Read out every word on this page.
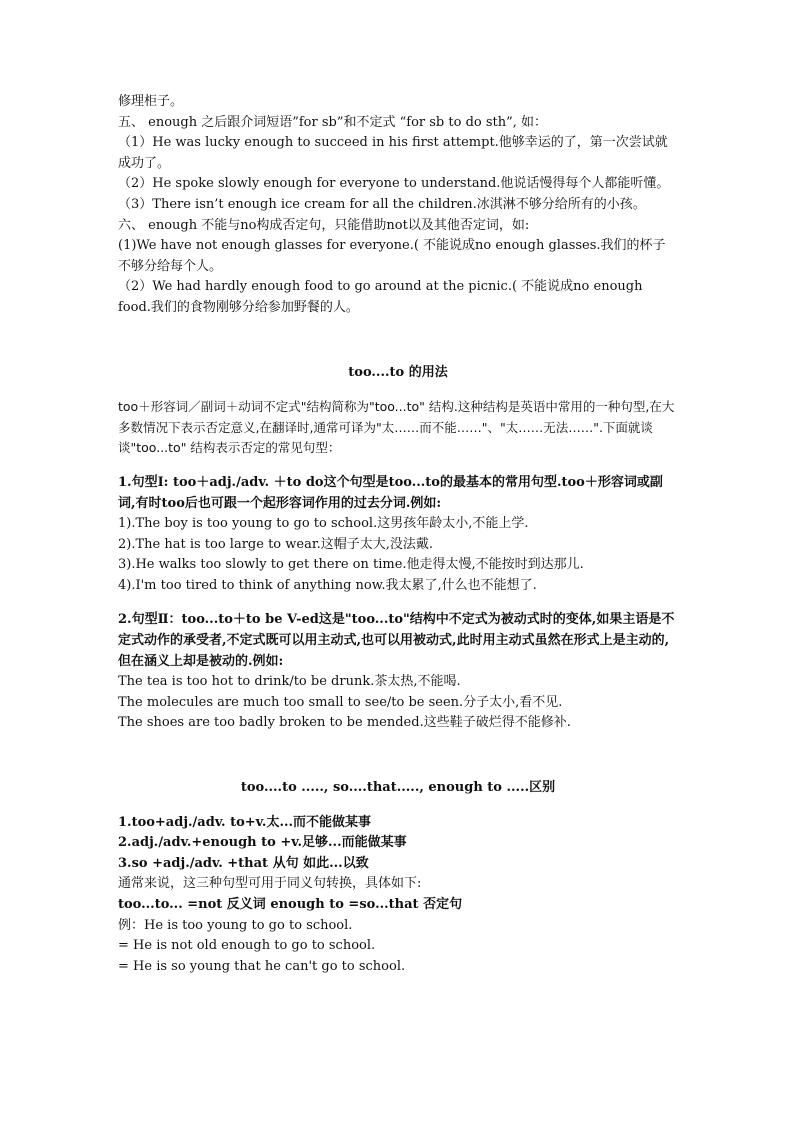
修理柜子。

五、 enough 之后跟介词短语”for sb”和不定式 “for sb to do sth”, 如：

（1）He was lucky enough to succeed in his first attempt.他够幸运的了，第一次尝试就成功了。

（2）He spoke slowly enough for everyone to understand.他说话慢得每个人都能听懂。

（3）There isn’t enough ice cream for all the children.冰淇淋不够分给所有的小孩。

六、 enough 不能与no构成否定句，只能借助not以及其他否定词，如:

(1)We have not enough glasses for everyone.( 不能说成no enough glasses.我们的杯子不够分给每个人。

（2）We had hardly enough food to go around at the picnic.( 不能说成no enough food.我们的食物刚够分给参加野餐的人。

too....to 的用法

too＋形容词／副词＋动词不定式"结构简称为"too...to" 结构.这种结构是英语中常用的一种句型,在大多数情况下表示否定意义,在翻译时,通常可译为"太……而不能……"、"太……无法……".下面就谈谈"too...to" 结构表示否定的常见句型：

1.句型Ⅰ: too＋adj./adv. ＋to do这个句型是too...to的最基本的常用句型.too＋形容词或副词,有时too后也可跟一个起形容词作用的过去分词.例如:

1).The boy is too young to go to school.这男孩年龄太小,不能上学.

2).The hat is too large to wear.这帽子太大,没法戴.

3).He walks too slowly to get there on time.他走得太慢,不能按时到达那儿.

4).I'm too tired to think of anything now.我太累了,什么也不能想了.

2.句型Ⅱ：too...to＋to be V-ed这是"too...to"结构中不定式为被动式时的变体,如果主语是不定式动作的承受者,不定式既可以用主动式,也可以用被动式,此时用主动式虽然在形式上是主动的,但在涵义上却是被动的.例如:

The tea is too hot to drink/to be drunk.茶太热,不能喝.

The molecules are much too small to see/to be seen.分子太小,看不见.

The shoes are too badly broken to be mended.这些鞋子破烂得不能修补.

too....to ....., so....that....., enough to .....区别

1.too+adj./adv. to+v.太...而不能做某事

2.adj./adv.+enough to +v.足够...而能做某事

3.so +adj./adv. +that 从句 如此...以致

通常来说，这三种句型可用于同义句转换，具体如下:

too...to... =not 反义词 enough to =so...that 否定句

例：He is too young to go to school.

= He is not old enough to go to school.

= He is so young that he can't go to school.
